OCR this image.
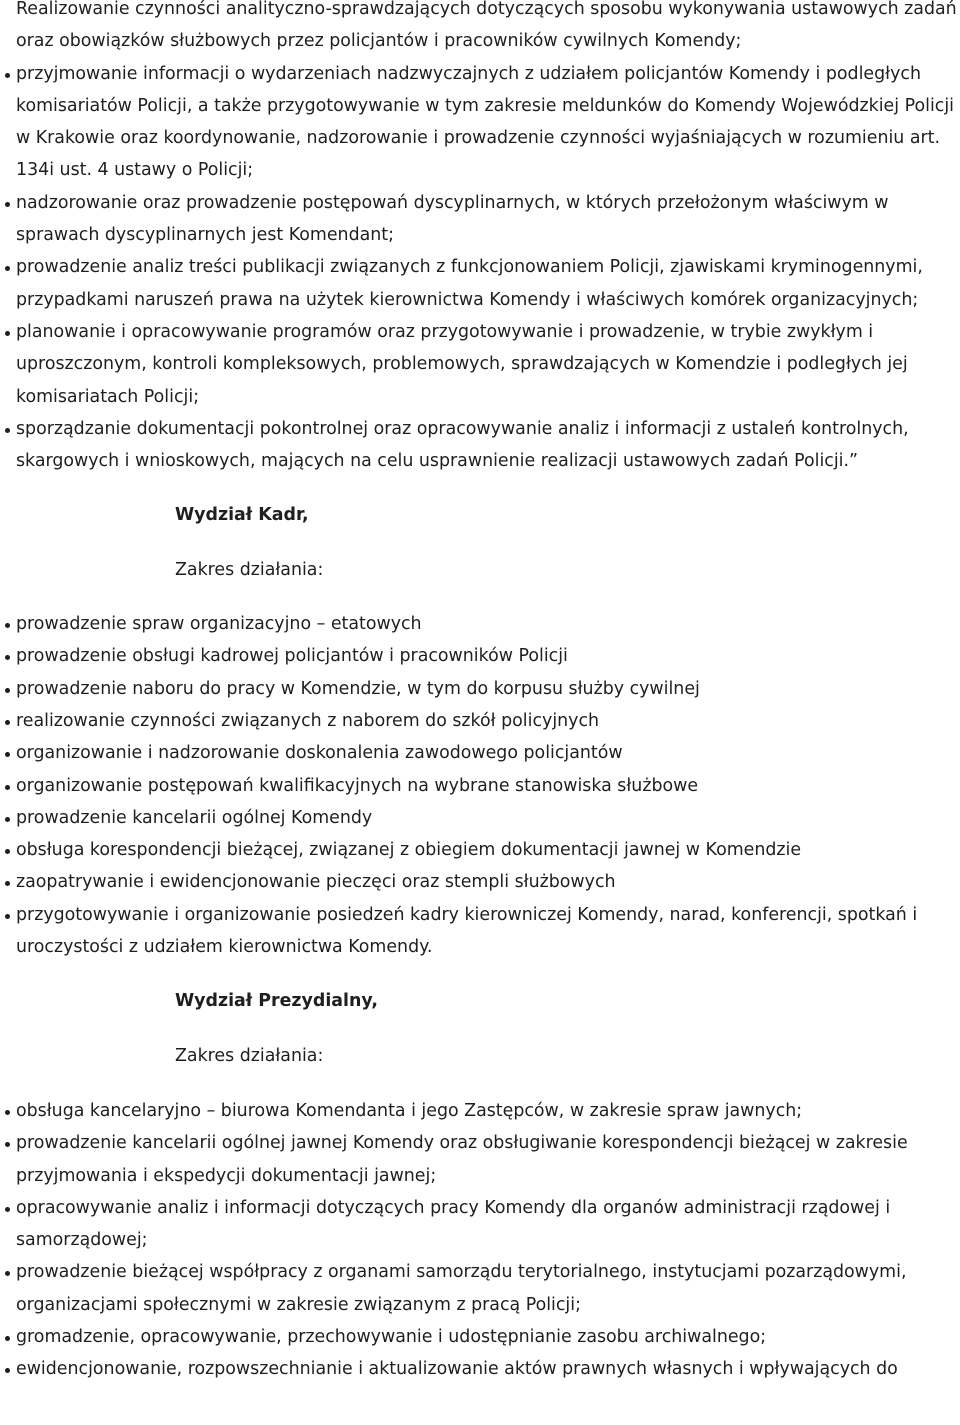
Realizowanie czynności analityczno-sprawdzających dotyczących sposobu wykonywania ustawowych zadań oraz obowiązków służbowych przez policjantów i pracowników cywilnych Komendy;

przyjmowanie informacji o wydarzeniach nadzwyczajnych z udziałem policjantów Komendy i podległych komisariatów Policji, a także przygotowywanie w tym zakresie meldunków do Komendy Wojewódzkiej Policji w Krakowie oraz koordynowanie, nadzorowanie i prowadzenie czynności wyjaśniających w rozumieniu art. 134i ust. 4 ustawy o Policji;
nadzorowanie oraz prowadzenie postępowań dyscyplinarnych, w których przełożonym właściwym w sprawach dyscyplinarnych jest Komendant;
prowadzenie analiz treści publikacji związanych z funkcjonowaniem Policji, zjawiskami kryminogennymi, przypadkami naruszeń prawa na użytek kierownictwa Komendy i właściwych komórek organizacyjnych;
planowanie i opracowywanie programów oraz przygotowywanie i prowadzenie, w trybie zwykłym i uproszczonym, kontroli kompleksowych, problemowych, sprawdzających w Komendzie i podległych jej komisariatach Policji;
sporządzanie dokumentacji pokontrolnej oraz opracowywanie analiz i informacji z ustaleń kontrolnych, skargowych i wnioskowych, mających na celu usprawnienie realizacji ustawowych zadań Policji.”
Wydział Kadr,
Zakres działania:
prowadzenie spraw organizacyjno – etatowych
prowadzenie obsługi kadrowej policjantów i pracowników Policji
prowadzenie naboru do pracy w Komendzie, w tym do korpusu służby cywilnej
realizowanie czynności związanych z naborem do szkół policyjnych
organizowanie i nadzorowanie doskonalenia zawodowego policjantów
organizowanie postępowań kwalifikacyjnych na wybrane stanowiska służbowe
prowadzenie kancelarii ogólnej Komendy
obsługa korespondencji bieżącej, związanej z obiegiem dokumentacji jawnej w Komendzie
zaopatrywanie i ewidencjonowanie pieczęci oraz stempli służbowych
przygotowywanie i organizowanie posiedzeń kadry kierowniczej Komendy, narad, konferencji, spotkań i uroczystości z udziałem kierownictwa Komendy.
Wydział Prezydialny,
Zakres działania:
obsługa kancelaryjno – biurowa Komendanta i jego Zastępców, w zakresie spraw jawnych;
prowadzenie kancelarii ogólnej jawnej Komendy oraz obsługiwanie korespondencji bieżącej w zakresie przyjmowania i ekspedycji dokumentacji jawnej;
opracowywanie analiz i informacji dotyczących pracy Komendy dla organów administracji rządowej i samorządowej;
prowadzenie bieżącej współpracy z organami samorządu terytorialnego, instytucjami pozarządowymi, organizacjami społecznymi w zakresie związanym z pracą Policji;
gromadzenie, opracowywanie, przechowywanie i udostępnianie zasobu archiwalnego;
ewidencjonowanie, rozpowszechnianie i aktualizowanie aktów prawnych własnych i wpływających do
